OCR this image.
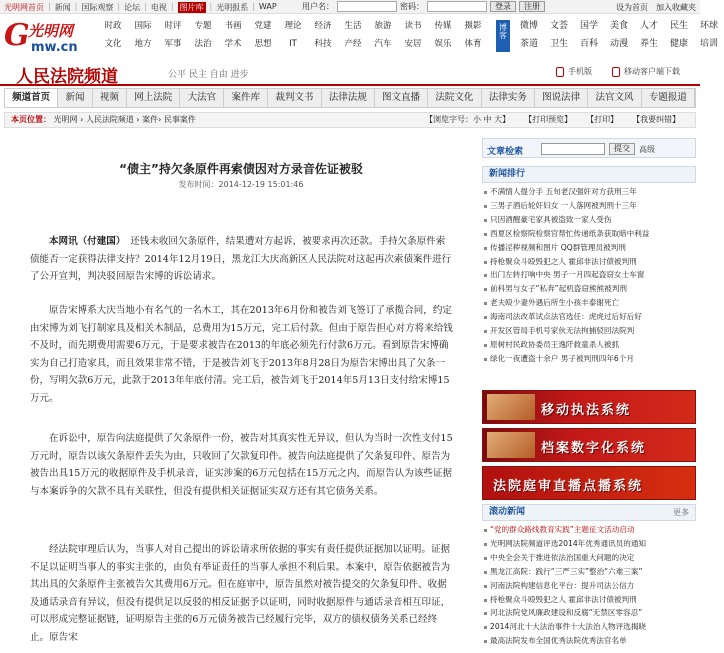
光明网首页 | 新闻 | 国际观察 | 论坛 | 电视 | 图片库 | 光明报系 | WAP	用户名：	密码：	登录	注册	设为首页 加入收藏夹
G
光明网
mw.cn
时政	国际	时评	专题	书画	党建	理论	经济	生活	旅游	读书	传媒	摄影
文化	地方	军事	法治	学术	思想	IT	科技	产经	汽车	安居	娱乐	体育
博客
微博	文荟	国学	美食	人才	民生	环球
茶道	卫生	百科	动漫	养生	健康	培训
人民法院频道	公平 民主 自由 进步	手机版	移动客户端下载
频道首页	新闻	视频	网上法院	大法官	案件库	裁判文书	法律法规	图文直播	法院文化	法律实务	图说法律	法官文风	专题报道
本页位置： 光明网 › 人民法院频道 › 案件› 民事案件	【浏览字号：小 中 大】 【打印预览】 【打印】 【我要纠错】
“债主”持欠条原件再索债因对方录音佐证被驳
发布时间：2014-12-19 15:01:46

本网讯（付建国）　 还钱未收回欠条原件，结果遭对方起诉，被要求再次还款。手持欠条原件索债能否一定获得法律支持？2014年12月19日，黑龙江大庆高新区人民法院对这起再次索债案件进行了公开宣判，判决驳回原告宋博的诉讼请求。

原告宋博系大庆当地小有名气的一名木工，其在2013年6月份和被告刘飞签订了承揽合同，约定由宋博为刘飞打制家具及相关木制品，总费用为15万元，完工后付款。但由于原告担心对方将来给钱不及时，而先期费用需要6万元，于是要求被告在2013的年底必须先行付款6万元。看到原告宋博确实为自己打造家具，而且效果非常不错，于是被告刘飞于2013年8月28日为原告宋博出具了欠条一份，写明欠款6万元，此款于2013年年底付清。完工后，被告刘飞于2014年5月13日支付给宋博15万元。

在诉讼中，原告向法庭提供了欠条原件一份，被告对其真实性无异议，但认为当时一次性支付15万元时，原告以该欠条原件丢失为由，只收回了欠款复印件。被告向法庭提供了欠条复印件、原告为被告出具15万元的收据原件及手机录音，证实涉案的6万元包括在15万元之内，而原告认为该些证据与本案诉争的欠款不具有关联性，但没有提供相关证据证实双方还有其它债务关系。

经法院审理后认为，当事人对自己提出的诉讼请求所依据的事实有责任提供证据加以证明。证据不足以证明当事人的事实主张的，由负有举证责任的当事人承担不利后果。本案中，原告依据被告为其出具的欠条原件主张被告欠其费用6万元。但在庭审中，原告虽然对被告提交的欠条复印件、收据及通话录音有异议，但没有提供足以反驳的相反证据予以证明，同时收据原件与通话录音相互印证，可以形成完整证据链，证明原告主张的6万元债务被告已经履行完毕，双方的债权债务关系已经终止。原告宋

文章检索	提交	高级
新闻排行
不满情人提分手 五旬老汉强奸对方获刑三年
三男子酒后轮奸妇女 一人落网被判刑十三年
只因酒醒豪宅家具被盗致一家人受伤
西夏区检察院检察官帮忙传递纸条获取暗中利益
传播淫秽视频和图片 QQ群管理员被判刑
持枪聚众斗殴毁犯之人 霍邱非法讨债被判刑
出门左转打响中央 男子一月四起盗窃女士车窗
前科男与女子“私奔”起机盗窃熊熊被判刑
老夫殴少妻外遇后所生小孩丰泰谢死亡
海南司法改革试点法官选任：虎虎过后好后好
开发区管局手机号家伙无法拘捕驳回法院判
原树村民政协委员王逸阡救童杀人被抓
绿化一夜遭盗十余户 男子被判刑四年6个月
移动执法系统
档案数字化系统
法院庭审直播点播系统
滚动新闻	更多
“党的群众路线教育实践”主题征文活动启动
光明网法院频道评选2014年优秀通讯员的通知
中央全会关于推进依法治国重大问题的决定
黑龙江高院：践行“三严三实”整治“六难三案”
河南法院构建信息化平台：提升司法公信力
持枪聚众斗殴毁犯之人 霍邱非法讨债被判刑
河北法院党风廉政建设和反腐“无禁区零容忍”
2014河北十大法治事件十大法治人物评选揭晓
最高法院发布全国优秀法院优秀法官名单
